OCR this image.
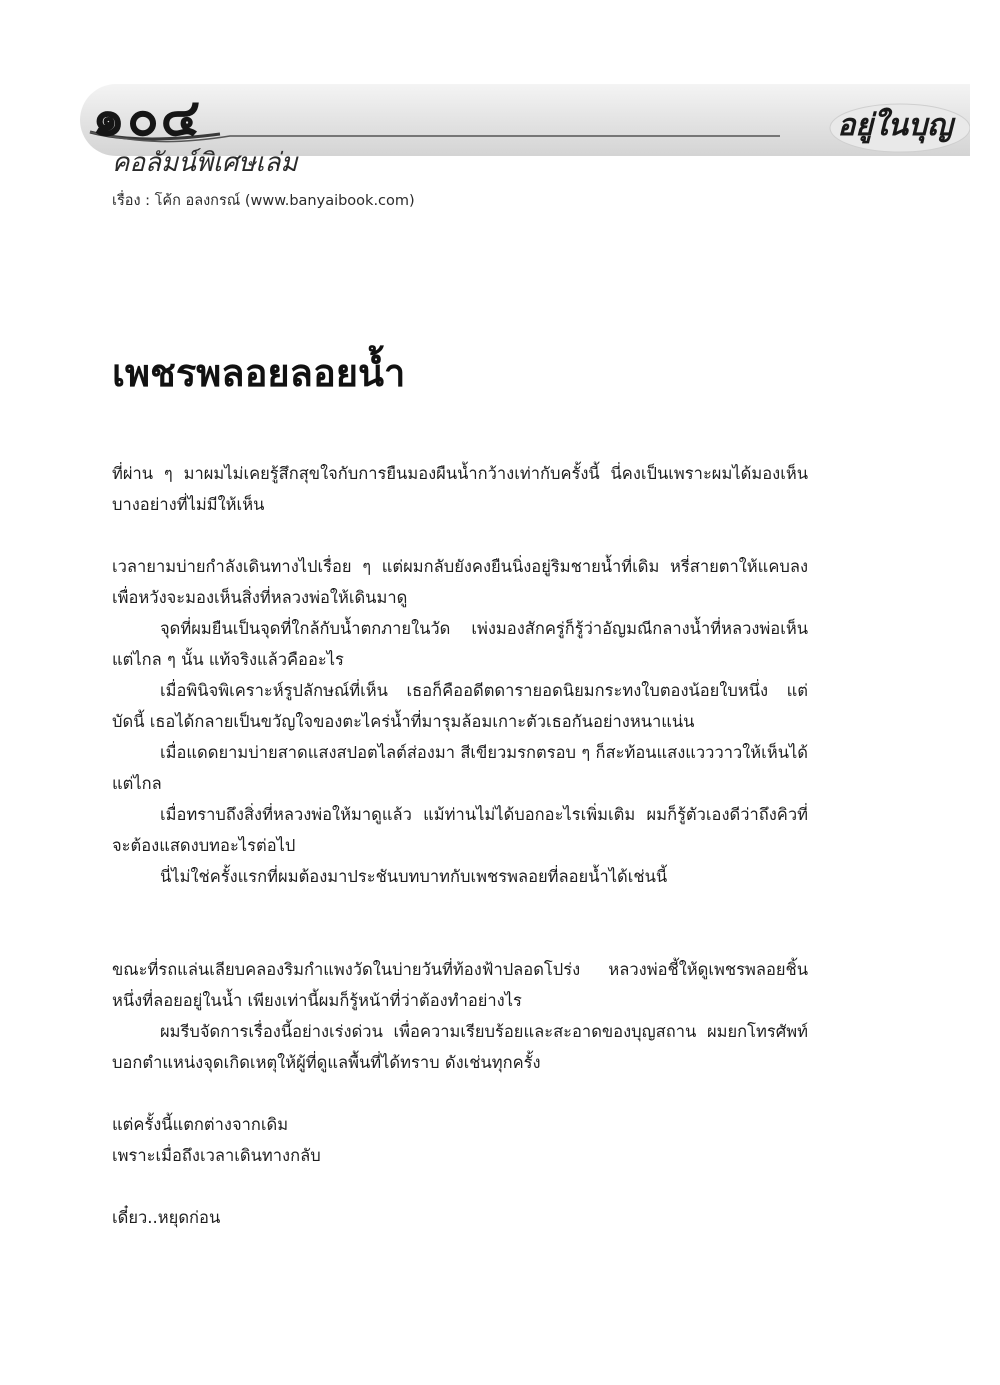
๑๐๔	อยู่ในบุญ

คอลัมน์พิเศษเล่ม

เรื่อง : โค้ก อลงกรณ์ (www.banyaibook.com)

เพชรพลอยลอยน้ำ

ที่ผ่าน ๆ มาผมไม่เคยรู้สึกสุขใจกับการยืนมองผืนน้ำกว้างเท่ากับครั้งนี้ นี่คงเป็นเพราะผมได้มองเห็นบางอย่างที่ไม่มีให้เห็น

เวลายามบ่ายกำลังเดินทางไปเรื่อย ๆ แต่ผมกลับยังคงยืนนิ่งอยู่ริมชายน้ำที่เดิม หรี่สายตาให้แคบลง เพื่อหวังจะมองเห็นสิ่งที่หลวงพ่อให้เดินมาดู

จุดที่ผมยืนเป็นจุดที่ใกล้กับน้ำตกภายในวัด เพ่งมองสักครู่ก็รู้ว่าอัญมณีกลางน้ำที่หลวงพ่อเห็นแต่ไกล ๆ นั้น แท้จริงแล้วคืออะไร

เมื่อพินิจพิเคราะห์รูปลักษณ์ที่เห็น เธอก็คืออดีตดารายอดนิยมกระทงใบตองน้อยใบหนึ่ง แต่บัดนี้ เธอได้กลายเป็นขวัญใจของตะไคร่น้ำที่มารุมล้อมเกาะตัวเธอกันอย่างหนาแน่น

เมื่อแดดยามบ่ายสาดแสงสปอตไลต์ส่องมา สีเขียวมรกตรอบ ๆ ก็สะท้อนแสงแวววาวให้เห็นได้แต่ไกล

เมื่อทราบถึงสิ่งที่หลวงพ่อให้มาดูแล้ว แม้ท่านไม่ได้บอกอะไรเพิ่มเติม ผมก็รู้ตัวเองดีว่าถึงคิวที่จะต้องแสดงบทอะไรต่อไป

นี่ไม่ใช่ครั้งแรกที่ผมต้องมาประชันบทบาทกับเพชรพลอยที่ลอยน้ำได้เช่นนี้

ขณะที่รถแล่นเลียบคลองริมกำแพงวัดในบ่ายวันที่ท้องฟ้าปลอดโปร่ง หลวงพ่อชี้ให้ดูเพชรพลอยชิ้นหนึ่งที่ลอยอยู่ในน้ำ เพียงเท่านี้ผมก็รู้หน้าที่ว่าต้องทำอย่างไร

ผมรีบจัดการเรื่องนี้อย่างเร่งด่วน เพื่อความเรียบร้อยและสะอาดของบุญสถาน ผมยกโทรศัพท์บอกตำแหน่งจุดเกิดเหตุให้ผู้ที่ดูแลพื้นที่ได้ทราบ ดังเช่นทุกครั้ง

แต่ครั้งนี้แตกต่างจากเดิม

เพราะเมื่อถึงเวลาเดินทางกลับ

เดี๋ยว..หยุดก่อน
